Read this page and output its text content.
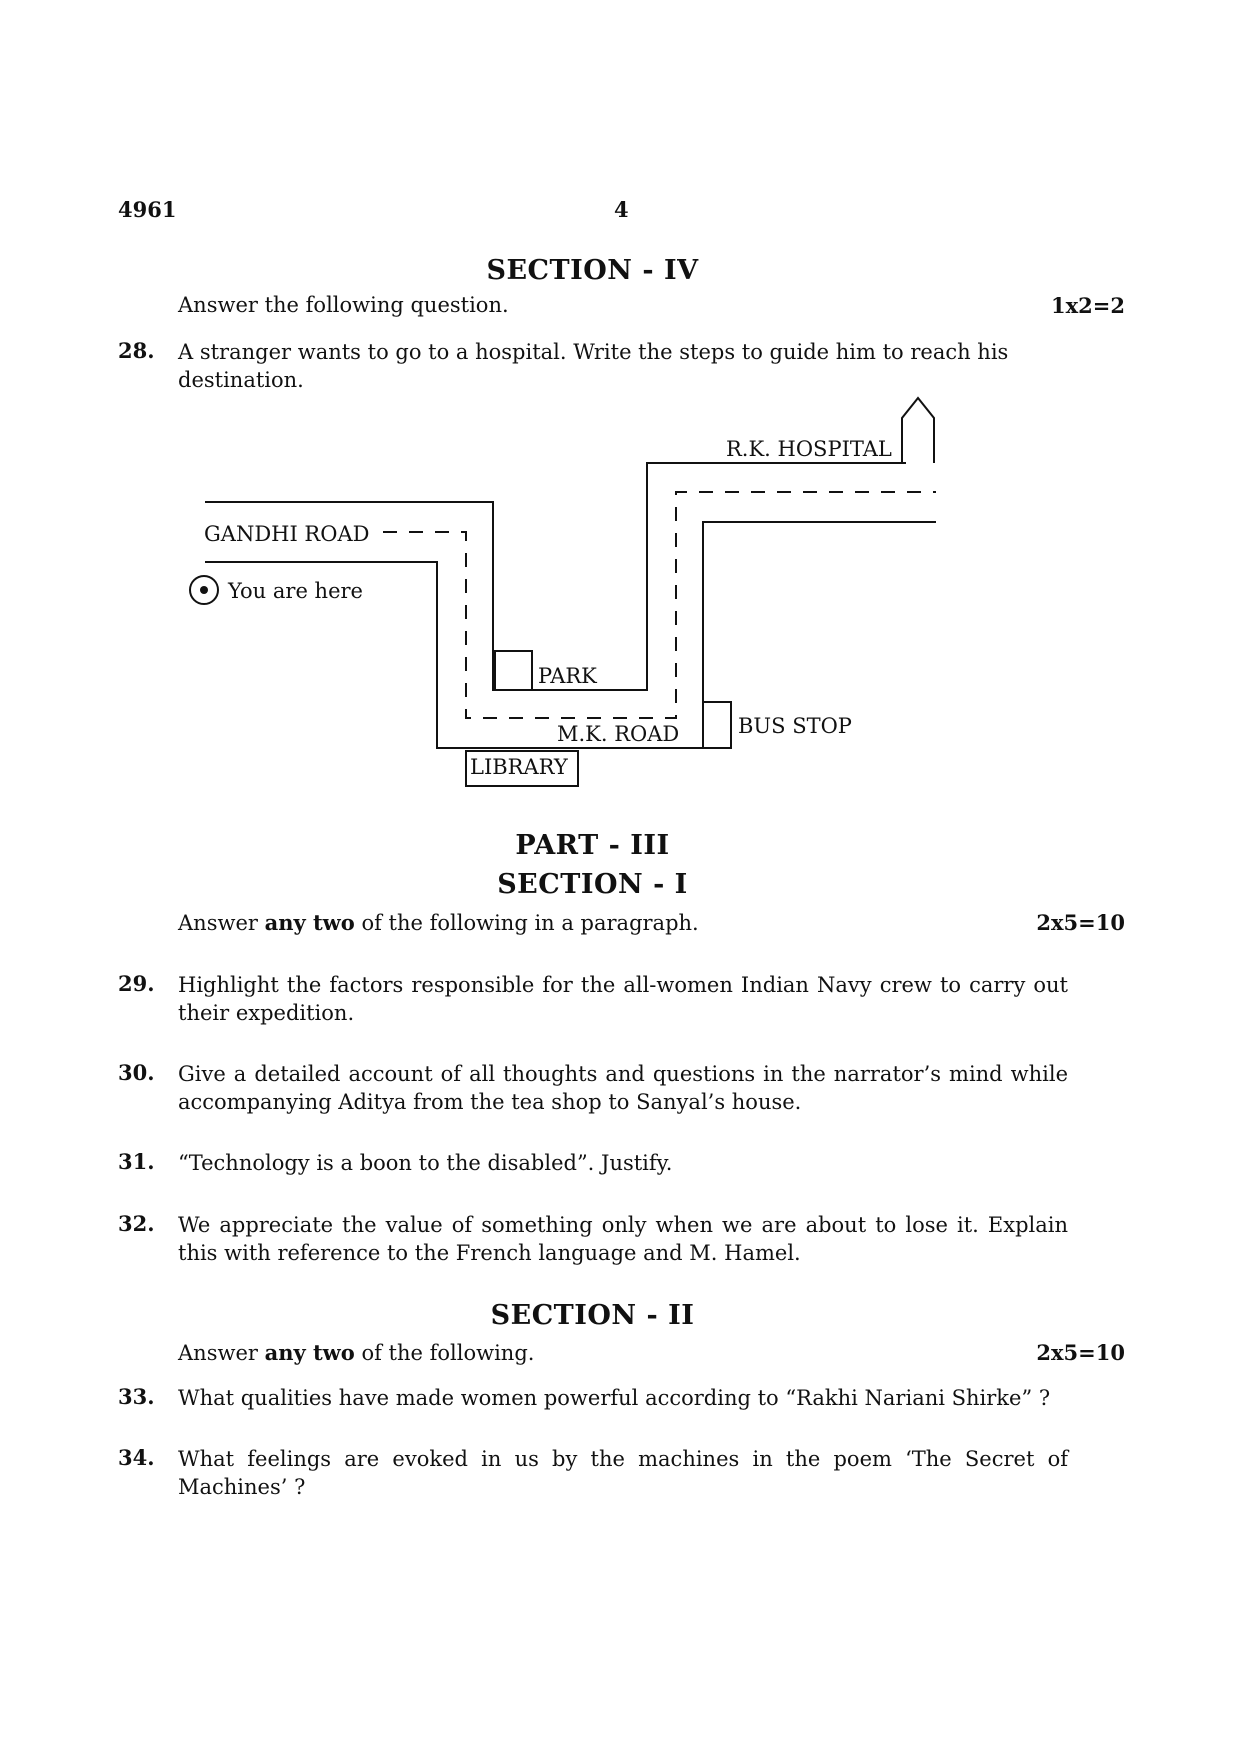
4961	4
SECTION - IV
Answer the following question.	1x2=2
28. A stranger wants to go to a hospital. Write the steps to guide him to reach his destination.
R.K. HOSPITAL
GANDHI ROAD
You are here
PARK
M.K. ROAD	BUS STOP
LIBRARY
PART - III
SECTION - I
Answer any two of the following in a paragraph.	2x5=10
29. Highlight the factors responsible for the all-women Indian Navy crew to carry out their expedition.
30. Give a detailed account of all thoughts and questions in the narrator’s mind while accompanying Aditya from the tea shop to Sanyal’s house.
31. “Technology is a boon to the disabled”. Justify.
32. We appreciate the value of something only when we are about to lose it. Explain this with reference to the French language and M. Hamel.
SECTION - II
Answer any two of the following.	2x5=10
33. What qualities have made women powerful according to “Rakhi Nariani Shirke” ?
34. What feelings are evoked in us by the machines in the poem ‘The Secret of Machines’ ?
